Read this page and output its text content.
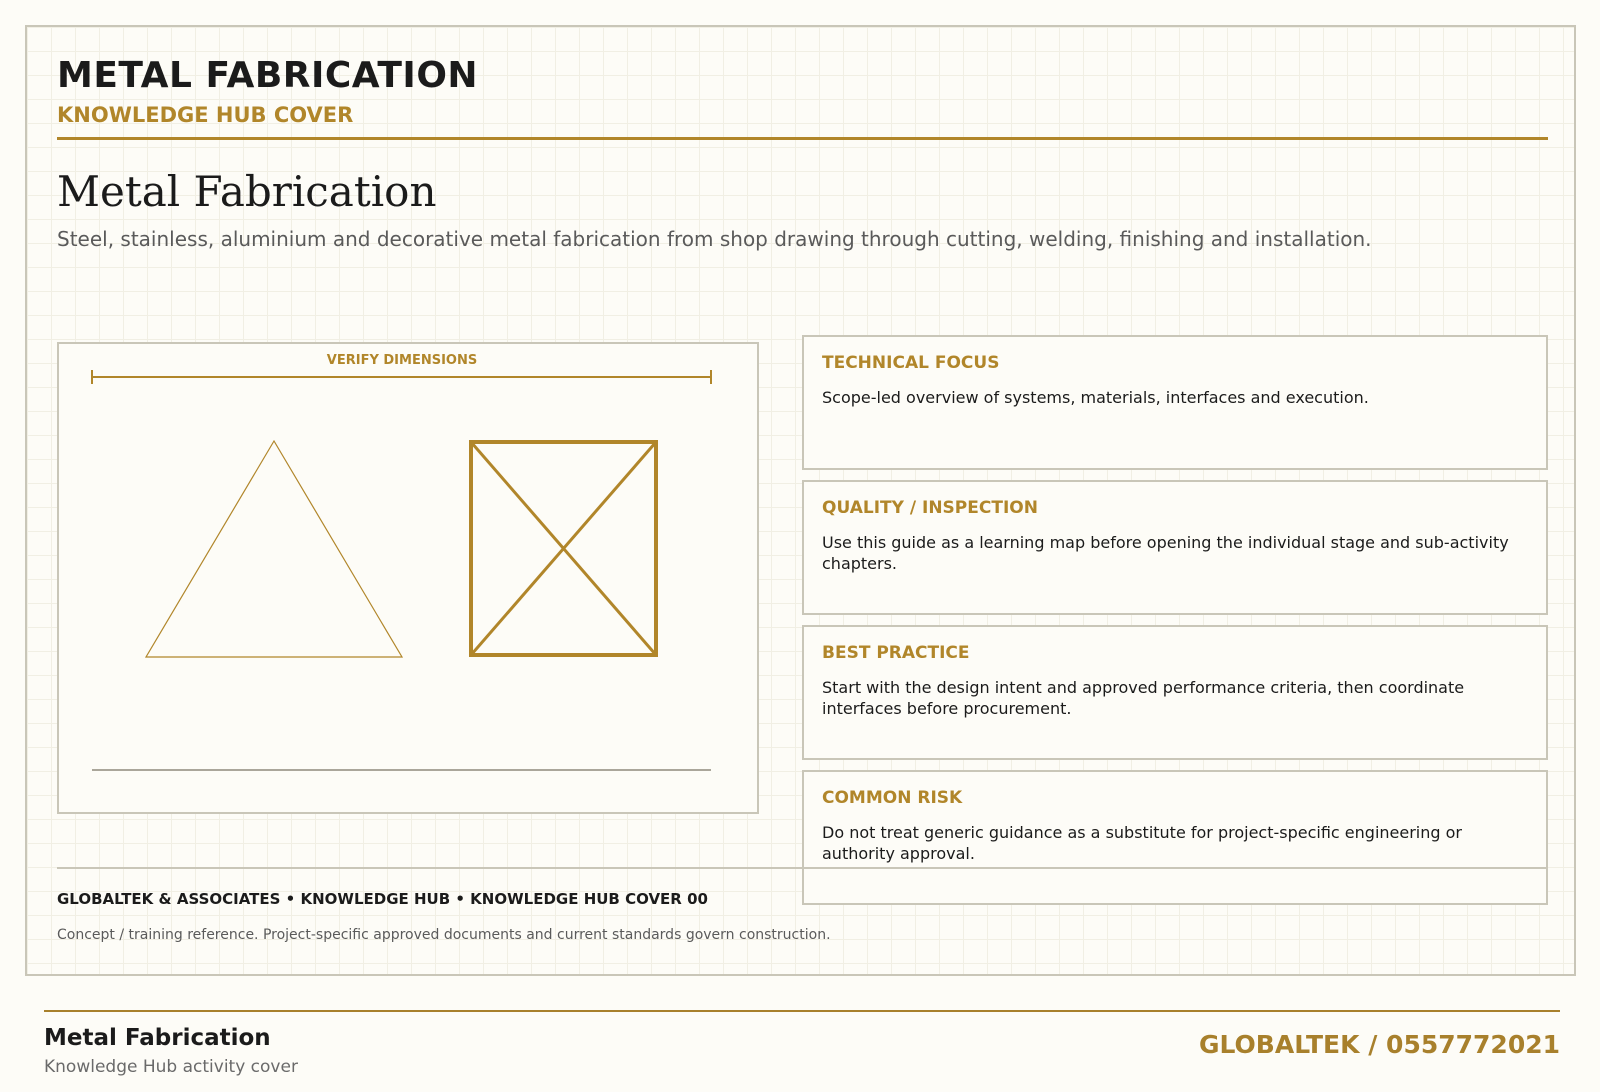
METAL FABRICATION
KNOWLEDGE HUB COVER
Metal Fabrication
Steel, stainless, aluminium and decorative metal fabrication from shop drawing through cutting, welding, finishing and installation.
VERIFY DIMENSIONS	TECHNICAL FOCUS
Scope-led overview of systems, materials, interfaces and execution.
QUALITY / INSPECTION
Use this guide as a learning map before opening the individual stage and sub-activity chapters.
BEST PRACTICE
Start with the design intent and approved performance criteria, then coordinate interfaces before procurement.
COMMON RISK
Do not treat generic guidance as a substitute for project-specific engineering or authority approval.
GLOBALTEK & ASSOCIATES • KNOWLEDGE HUB • KNOWLEDGE HUB COVER 00
Concept / training reference. Project-specific approved documents and current standards govern construction.
Metal Fabrication
Knowledge Hub activity cover
GLOBALTEK / 0557772021
